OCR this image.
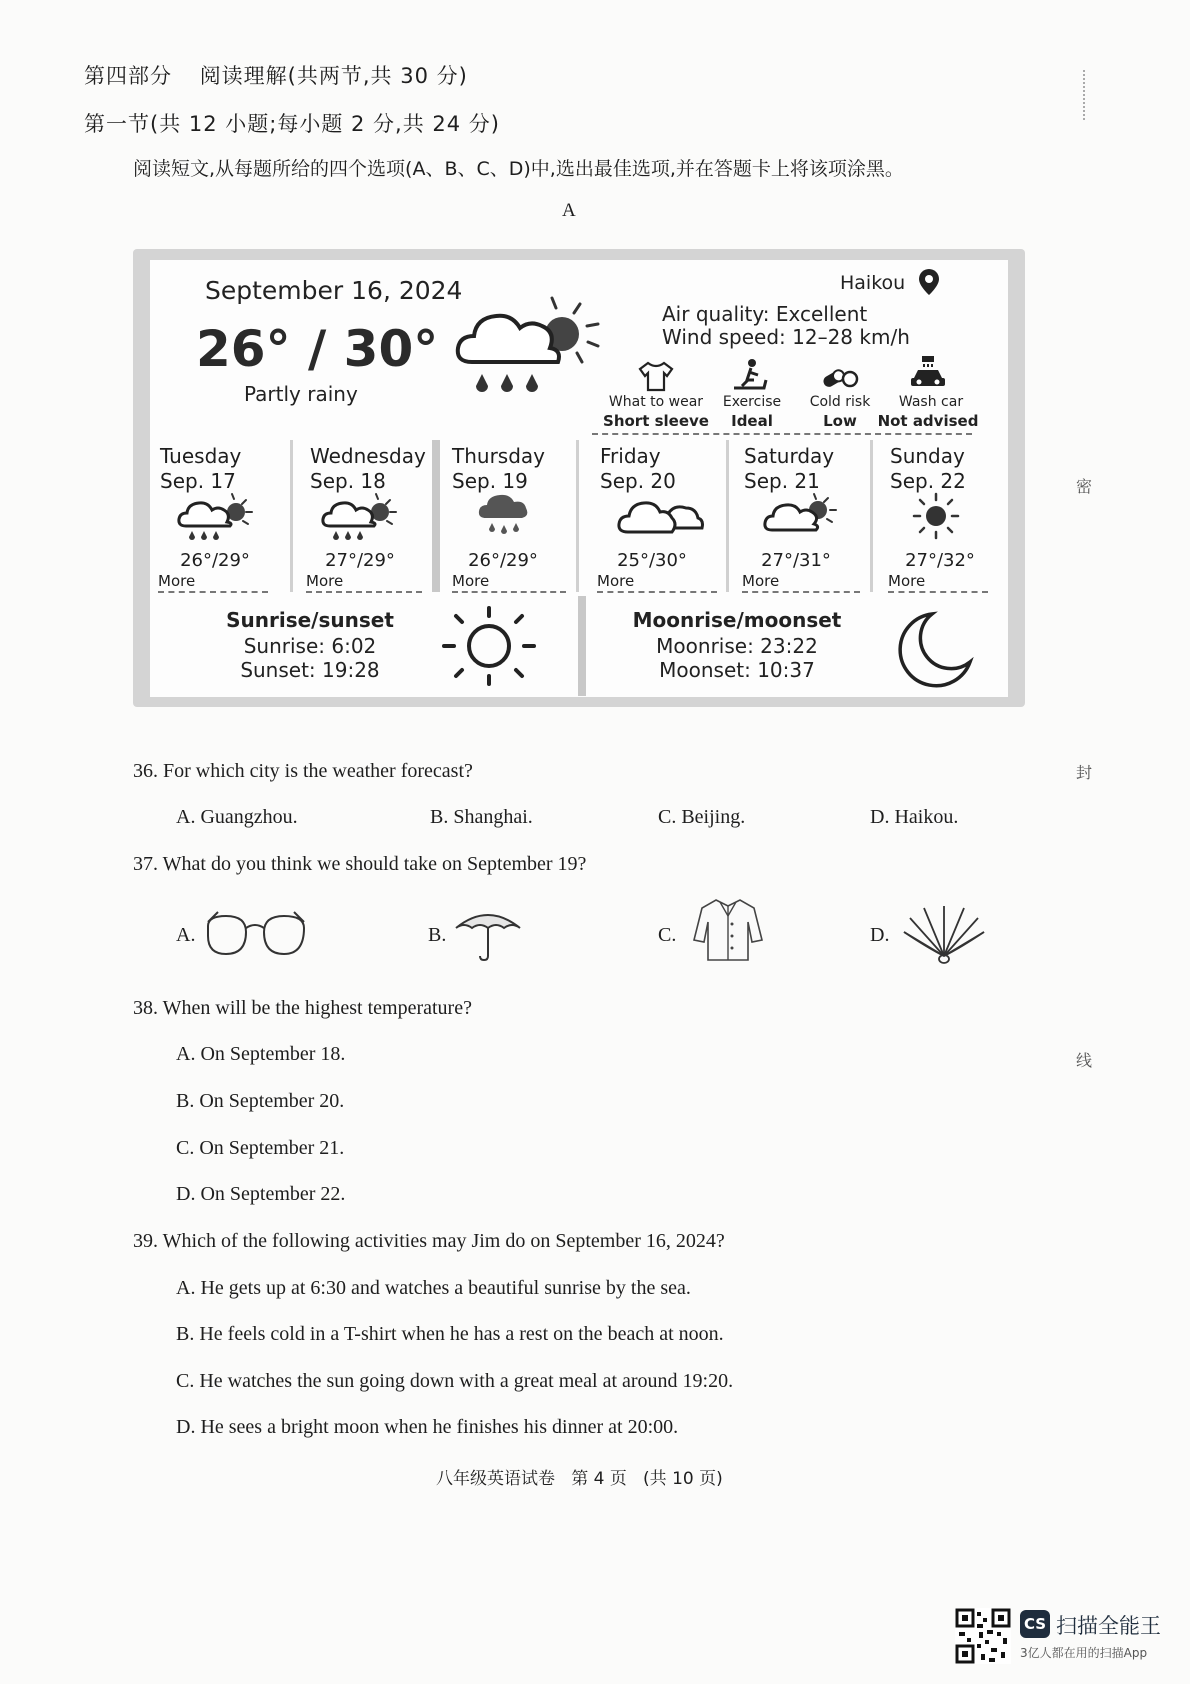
第四部分 阅读理解(共两节,共 30 分)
第一节(共 12 小题;每小题 2 分,共 24 分)
阅读短文,从每题所给的四个选项(A、B、C、D)中,选出最佳选项,并在答题卡上将该项涂黑。
A
September 16, 2024
26° / 30°
Partly rainy
Haikou
Air quality: Excellent
Wind speed: 12–28 km/h
What to wear
Short sleeve
Exercise
Ideal
Cold risk
Low
Wash car
Not advised
Tuesday
Sep. 17
26°/29°
More
Wednesday
Sep. 18
27°/29°
More
Thursday
Sep. 19
26°/29°
More
Friday
Sep. 20
25°/30°
More
Saturday
Sep. 21
27°/31°
More
Sunday
Sep. 22
27°/32°
More
Sunrise/sunset
Sunrise: 6:02
Sunset: 19:28
Moonrise/moonset
Moonrise: 23:22
Moonset: 10:37
36. For which city is the weather forecast?
A. Guangzhou.	B. Shanghai.	C. Beijing.	D. Haikou.
37. What do you think we should take on September 19?
A.	B.	C.	D.
38. When will be the highest temperature?
A. On September 18.
B. On September 20.
C. On September 21.
D. On September 22.
39. Which of the following activities may Jim do on September 16, 2024?
A. He gets up at 6:30 and watches a beautiful sunrise by the sea.
B. He feels cold in a T-shirt when he has a rest on the beach at noon.
C. He watches the sun going down with a great meal at around 19:20.
D. He sees a bright moon when he finishes his dinner at 20:00.
八年级英语试卷   第 4 页   (共 10 页)
密
封
线
CS 扫描全能王
3亿人都在用的扫描App
